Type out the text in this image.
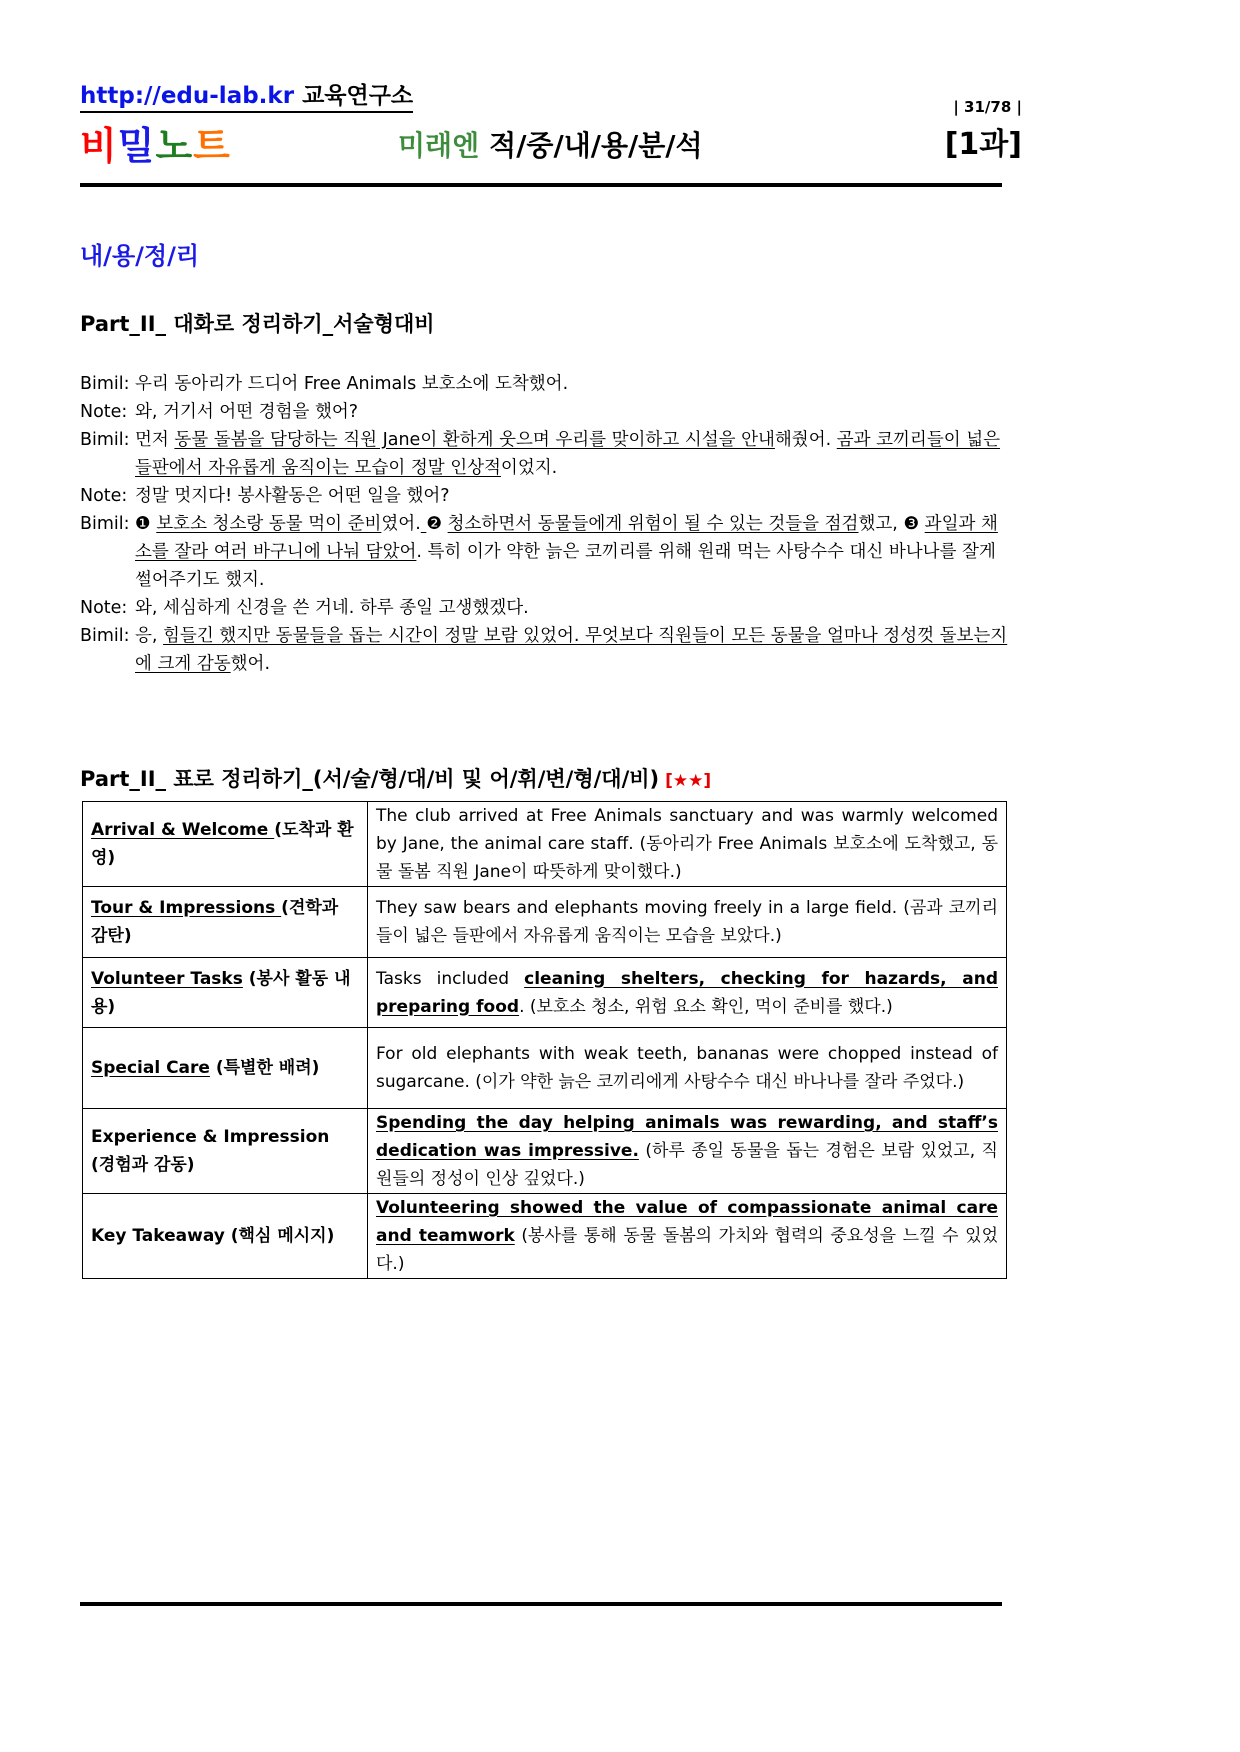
http://edu-lab.kr 교육연구소	| 31/78 |
비밀노트	미래엔 적/중/내/용/분/석	[1과]
내/용/정/리
Part_II_ 대화로 정리하기_서술형대비
Bimil: 우리 동아리가 드디어 Free Animals 보호소에 도착했어.
Note: 와, 거기서 어떤 경험을 했어?
Bimil: 먼저 동물 돌봄을 담당하는 직원 Jane이 환하게 웃으며 우리를 맞이하고 시설을 안내해줬어. 곰과 코끼리들이 넓은 들판에서 자유롭게 움직이는 모습이 정말 인상적이었지.
Note: 정말 멋지다! 봉사활동은 어떤 일을 했어?
Bimil: ❶ 보호소 청소랑 동물 먹이 준비였어. ❷ 청소하면서 동물들에게 위험이 될 수 있는 것들을 점검했고, ❸ 과일과 채소를 잘라 여러 바구니에 나눠 담았어. 특히 이가 약한 늙은 코끼리를 위해 원래 먹는 사탕수수 대신 바나나를 잘게 썰어주기도 했지.
Note: 와, 세심하게 신경을 쓴 거네. 하루 종일 고생했겠다.
Bimil: 응, 힘들긴 했지만 동물들을 돕는 시간이 정말 보람 있었어. 무엇보다 직원들이 모든 동물을 얼마나 정성껏 돌보는지에 크게 감동했어.
Part_II_ 표로 정리하기_(서/술/형/대/비 및 어/휘/변/형/대/비) [★★]
Arrival & Welcome (도착과 환영)	The club arrived at Free Animals sanctuary and was warmly welcomed by Jane, the animal care staff. (동아리가 Free Animals 보호소에 도착했고, 동물 돌봄 직원 Jane이 따뜻하게 맞이했다.)
Tour & Impressions (견학과 감탄)	They saw bears and elephants moving freely in a large field. (곰과 코끼리들이 넓은 들판에서 자유롭게 움직이는 모습을 보았다.)
Volunteer Tasks (봉사 활동 내용)	Tasks included cleaning shelters, checking for hazards, and preparing food. (보호소 청소, 위험 요소 확인, 먹이 준비를 했다.)
Special Care (특별한 배려)	For old elephants with weak teeth, bananas were chopped instead of sugarcane. (이가 약한 늙은 코끼리에게 사탕수수 대신 바나나를 잘라 주었다.)
Experience & Impression (경험과 감동)	Spending the day helping animals was rewarding, and staff’s dedication was impressive. (하루 종일 동물을 돕는 경험은 보람 있었고, 직원들의 정성이 인상 깊었다.)
Key Takeaway (핵심 메시지)	Volunteering showed the value of compassionate animal care and teamwork (봉사를 통해 동물 돌봄의 가치와 협력의 중요성을 느낄 수 있었다.)
